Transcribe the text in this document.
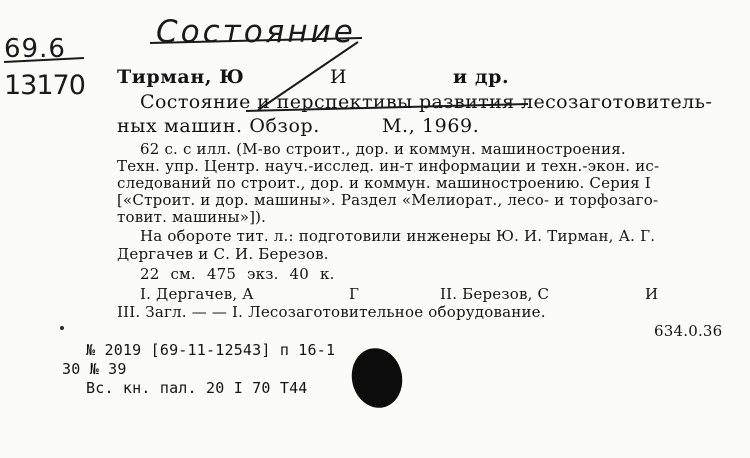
Состояние
69.6
13170 Тирман, Ю	И	и др.
Состояние и перспективы развития лесозаготовитель-
ных машин. Обзор.	М., 1969.
62 с. с илл. (М-во строит., дор. и коммун. машиностроения.
Техн. упр. Центр. науч.-исслед. ин-т информации и техн.-экон. ис-
следований по строит., дор. и коммун. машиностроению. Серия I
[«Строит. и дор. машины». Раздел «Мелиорат., лесо- и торфозаго-
товит. машины»]).
На обороте тит. л.: подготовили инженеры Ю. И. Тирман, А. Г.
Дергачев и С. И. Березов.
22 см. 475 экз. 40 к.
I. Дергачев, А	Г	II. Березов, С	И
III. Загл. — — I. Лесозаготовительное оборудование.
634.0.36
№ 2019 [69-11-12543] п 16-1
30 № 39
Вс. кн. пал. 20 I 70 Т44
